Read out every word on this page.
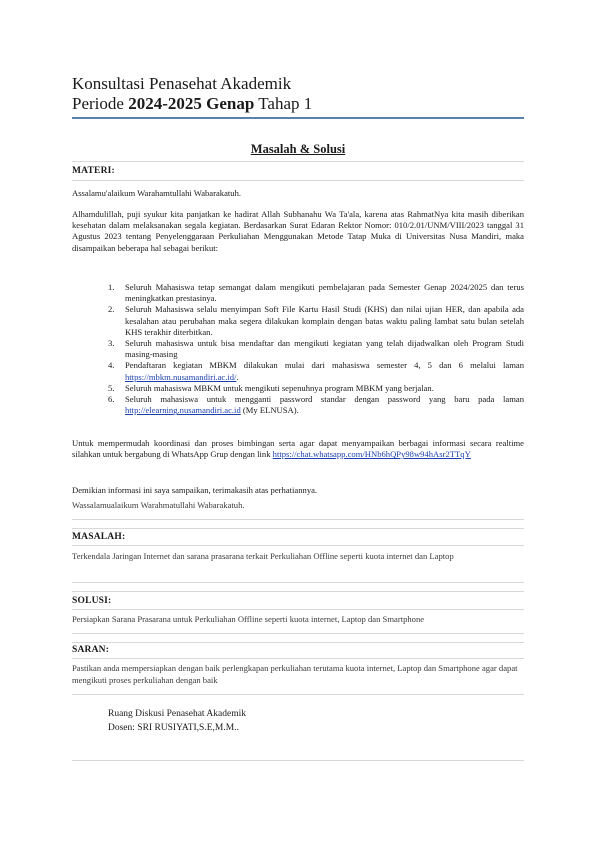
Konsultasi Penasehat Akademik
Periode 2024-2025 Genap Tahap 1
Masalah & Solusi
MATERI:
Assalamu'alaikum Warahamtullahi Wabarakatuh.
Alhamdulillah, puji syukur kita panjatkan ke hadirat Allah Subhanahu Wa Ta'ala, karena atas RahmatNya kita masih diberikan kesehatan dalam melaksanakan segala kegiatan. Berdasarkan Surat Edaran Rektor Nomor: 010/2.01/UNM/VIII/2023 tanggal 31 Agustus 2023 tentang Penyelenggaraan Perkuliahan Menggunakan Metode Tatap Muka di Universitas Nusa Mandiri, maka disampaikan beberapa hal sebagai berikut:
1. Seluruh Mahasiswa tetap semangat dalam mengikuti pembelajaran pada Semester Genap 2024/2025 dan terus meningkatkan prestasinya.
2. Seluruh Mahasiswa selalu menyimpan Soft File Kartu Hasil Studi (KHS) dan nilai ujian HER, dan apabila ada kesalahan atau perubahan maka segera dilakukan komplain dengan batas waktu paling lambat satu bulan setelah KHS terakhir diterbitkan.
3. Seluruh mahasiswa untuk bisa mendaftar dan mengikuti kegiatan yang telah dijadwalkan oleh Program Studi masing-masing
4. Pendaftaran kegiatan MBKM dilakukan mulai dari mahasiswa semester 4, 5 dan 6 melalui laman https://mbkm.nusamandiri.ac.id/.
5. Seluruh mahasiswa MBKM untuk mengikuti sepenuhnya program MBKM yang berjalan.
6. Seluruh mahasiswa untuk mengganti password standar dengan password yang baru pada laman http://elearning.nusamandiri.ac.id (My ELNUSA).
Untuk mempermudah koordinasi dan proses bimbingan serta agar dapat menyampaikan berbagai informasi secara realtime silahkan untuk bergabung di WhatsApp Grup dengan link https://chat.whatsapp.com/HNb6hQPy98w94hAsr2TTqY
Demikian informasi ini saya sampaikan, terimakasih atas perhatiannya.
Wassalamualaikum Warahmatullahi Wabarakatuh.
MASALAH:
Terkendala Jaringan Internet dan sarana prasarana terkait Perkuliahan Offline seperti kuota internet dan Laptop
SOLUSI:
Persiapkan Sarana Prasarana untuk Perkuliahan Offline seperti kuota internet, Laptop dan Smartphone
SARAN:
Pastikan anda mempersiapkan dengan baik perlengkapan perkuliahan terutama kuota internet, Laptop dan Smartphone agar dapat mengikuti proses perkuliahan dengan baik
Ruang Diskusi Penasehat Akademik
Dosen: SRI RUSIYATI,S.E,M.M..
